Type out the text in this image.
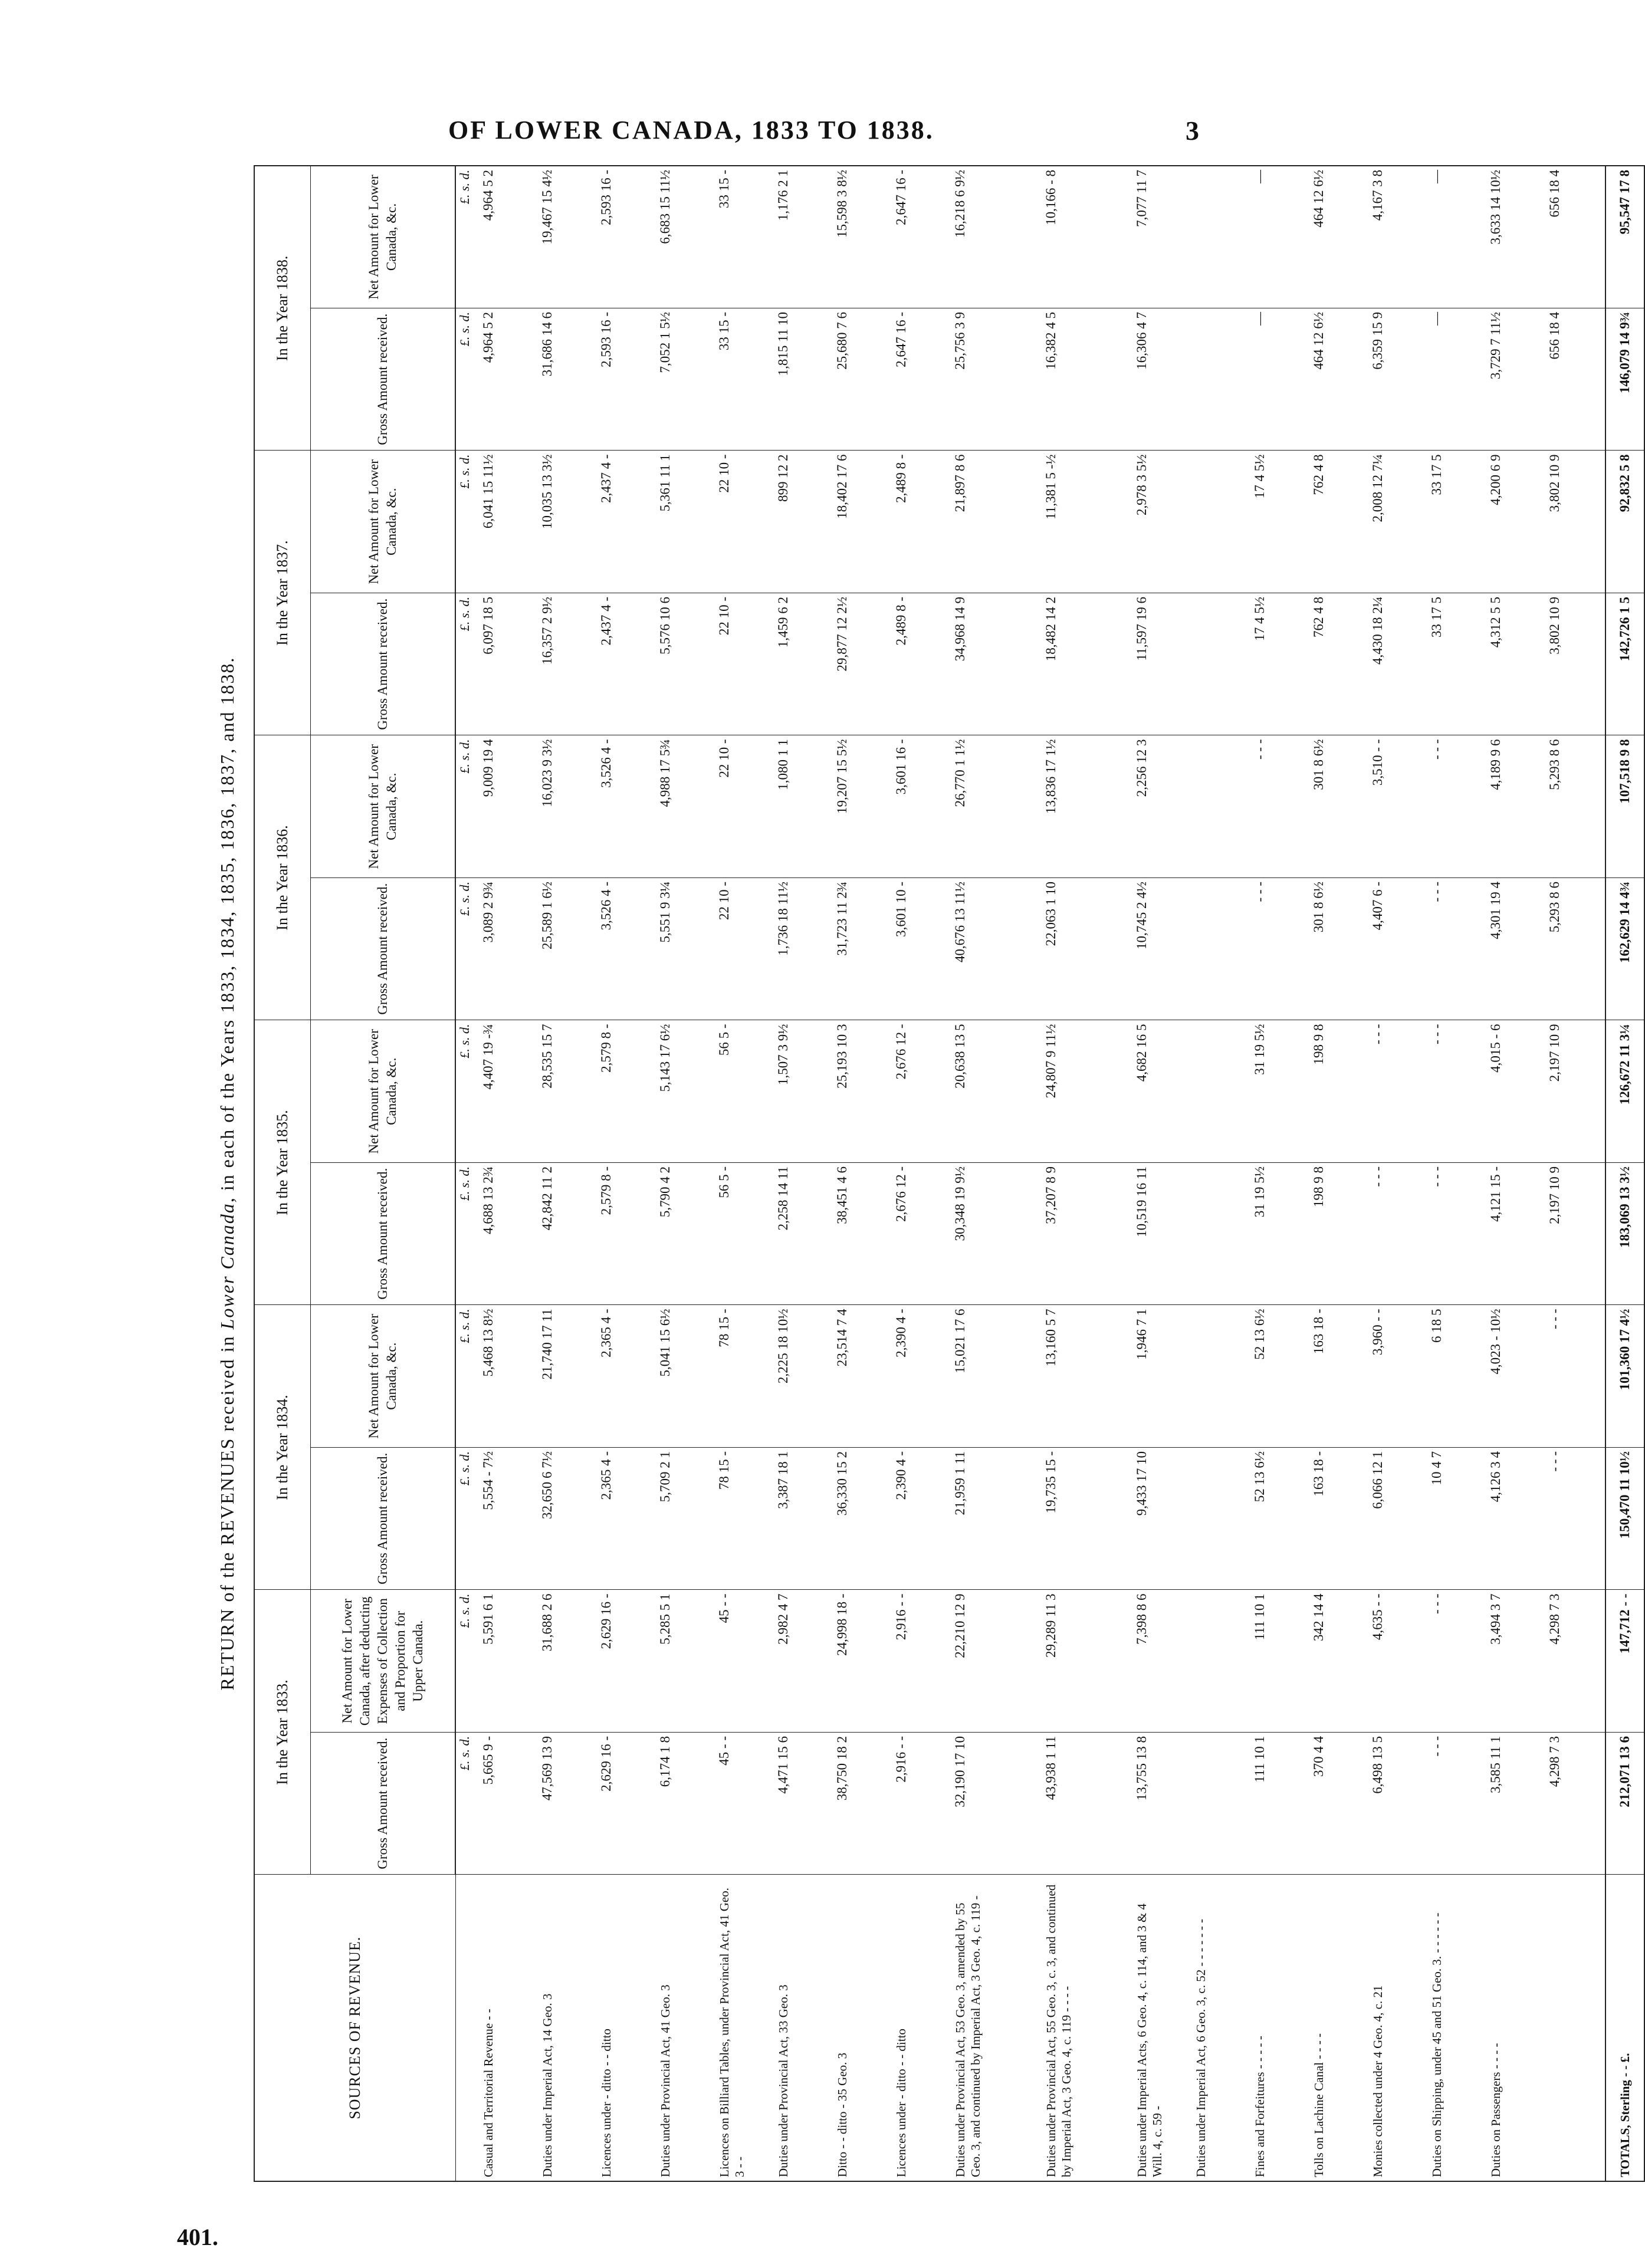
OF LOWER CANADA, 1833 TO 1838.	3
RETURN of the REVENUES received in Lower Canada, in each of the Years 1833, 1834, 1835, 1836, 1837, and 1838.
SOURCES OF REVENUE.	In the Year 1833.		In the Year 1834.		In the Year 1835.		In the Year 1836.		In the Year 1837.		In the Year 1838.	
	Gross Amount received.	Net Amount for Lower Canada, after deducting Expenses of Collection and Proportion for Upper Canada.	Gross Amount received.	Net Amount for Lower Canada, &c.	Gross Amount received.	Net Amount for Lower Canada, &c.	Gross Amount received.	Net Amount for Lower Canada, &c.	Gross Amount received.	Net Amount for Lower Canada, &c.	Gross Amount received.	Net Amount for Lower Canada, &c.
	£. s. d.	£. s. d.	£. s. d.	£. s. d.	£. s. d.	£. s. d.	£. s. d.	£. s. d.	£. s. d.	£. s. d.	£. s. d.	£. s. d.
Casual and Territorial Revenue - -	5,665 9 -	5,591 6 1	5,554 - 7½	5,468 13 8½	4,688 13 2¾	4,407 19 -¾	3,089 2 9¾	9,009 19 4	6,097 18 5	6,041 15 11½	4,964 5 2	4,964 5 2
Duties under Imperial Act, 14 Geo. 3	47,569 13 9	31,688 2 6	32,650 6 7½	21,740 17 11	42,842 11 2	28,535 15 7	25,589 1 6½	16,023 9 3½	16,357 2 9½	10,035 13 3½	31,686 14 6	19,467 15 4½
Licences under - ditto - - ditto	2,629 16 -	2,629 16 -	2,365 4 -	2,365 4 -	2,579 8 -	2,579 8 -	3,526 4 -	3,526 4 -	2,437 4 -	2,437 4 -	2,593 16 -	2,593 16 -
Duties under Provincial Act, 41 Geo. 3	6,174 1 8	5,285 5 1	5,709 2 1	5,041 15 6½	5,790 4 2	5,143 17 6½	5,551 9 3¼	4,988 17 5¾	5,576 10 6	5,361 11 1	7,052 1 5½	6,683 15 11½
Licences on Billiard Tables, under Provincial Act, 41 Geo. 3 - -	45 - -	45 - -	78 15 -	78 15 -	56 5 -	56 5 -	22 10 -	22 10 -	22 10 -	22 10 -	33 15 -	33 15 -
Duties under Provincial Act, 33 Geo. 3	4,471 15 6	2,982 4 7	3,387 18 1	2,225 18 10½	2,258 14 11	1,507 3 9½	1,736 18 11½	1,080 1 1	1,459 6 2	899 12 2	1,815 11 10	1,176 2 1
Ditto - - ditto - 35 Geo. 3	38,750 18 2	24,998 18 -	36,330 15 2	23,514 7 4	38,451 4 6	25,193 10 3	31,723 11 2¾	19,207 15 5½	29,877 12 2½	18,402 17 6	25,680 7 6	15,598 3 8½
Licences under - ditto - - ditto	2,916 - -	2,916 - -	2,390 4 -	2,390 4 -	2,676 12 -	2,676 12 -	3,601 10 -	3,601 16 -	2,489 8 -	2,489 8 -	2,647 16 -	2,647 16 -
Duties under Provincial Act, 53 Geo. 3, amended by 55 Geo. 3, and continued by Imperial Act, 3 Geo. 4, c. 119 -	32,190 17 10	22,210 12 9	21,959 1 11	15,021 17 6	30,348 19 9½	20,638 13 5	40,676 13 11½	26,770 1 1½	34,968 14 9	21,897 8 6	25,756 3 9	16,218 6 9½
Duties under Provincial Act, 55 Geo. 3, c. 3, and continued by Imperial Act, 3 Geo. 4, c. 119 - - - -	43,938 1 11	29,289 11 3	19,735 15 -	13,160 5 7	37,207 8 9	24,807 9 11½	22,063 1 10	13,836 17 1½	18,482 14 2	11,381 5 -½	16,382 4 5	10,166 - 8
Duties under Imperial Acts, 6 Geo. 4, c. 114, and 3 & 4 Will. 4, c. 59 -	13,755 13 8	7,398 8 6	9,433 17 10	1,946 7 1	10,519 16 11	4,682 16 5	10,745 2 4½	2,256 12 3	11,597 19 6	2,978 3 5½	16,306 4 7	7,077 11 7
Duties under Imperial Act, 6 Geo. 3, c. 52 - - - - - - -												
Fines and Forfeitures - - - - -	111 10 1	111 10 1	52 13 6½	52 13 6½	31 19 5½	31 19 5½	- - -	- - -	17 4 5½	17 4 5½	—	—
Tolls on Lachine Canal - - - -	370 4 4	342 14 4	163 18 -	163 18 -	198 9 8	198 9 8	301 8 6½	301 8 6½	762 4 8	762 4 8	464 12 6½	464 12 6½
Monies collected under 4 Geo. 4, c. 21	6,498 13 5	4,635 - -	6,066 12 1	3,960 - -	- - -	- - -	4,407 6 -	3,510 - -	4,430 18 2¼	2,008 12 7¼	6,359 15 9	4,167 3 8
Duties on Shipping, under 45 and 51 Geo. 3. - - - - - -	- - -	- - -	10 4 7	6 18 5	- - -	- - -	- - -	- - -	33 17 5	33 17 5	—	—
Duties on Passengers - - - -	3,585 11 1	3,494 3 7	4,126 3 4	4,023 - 10½	4,121 15 -	4,015 - 6	4,301 19 4	4,189 9 6	4,312 5 5	4,200 6 9	3,729 7 11½	3,633 14 10½
	4,298 7 3	4,298 7 3	- - -	- - -	2,197 10 9	2,197 10 9	5,293 8 6	5,293 8 6	3,802 10 9	3,802 10 9	656 18 4	656 18 4
TOTALS, Sterling - - £.	212,071 13 6	147,712 - -	150,470 11 10½	101,360 17 4½	183,069 13 3½	126,672 11 3¼	162,629 14 4¾	107,518 9 8	142,726 1 5	92,832 5 8	146,079 14 9¾	95,547 17 8
401.
